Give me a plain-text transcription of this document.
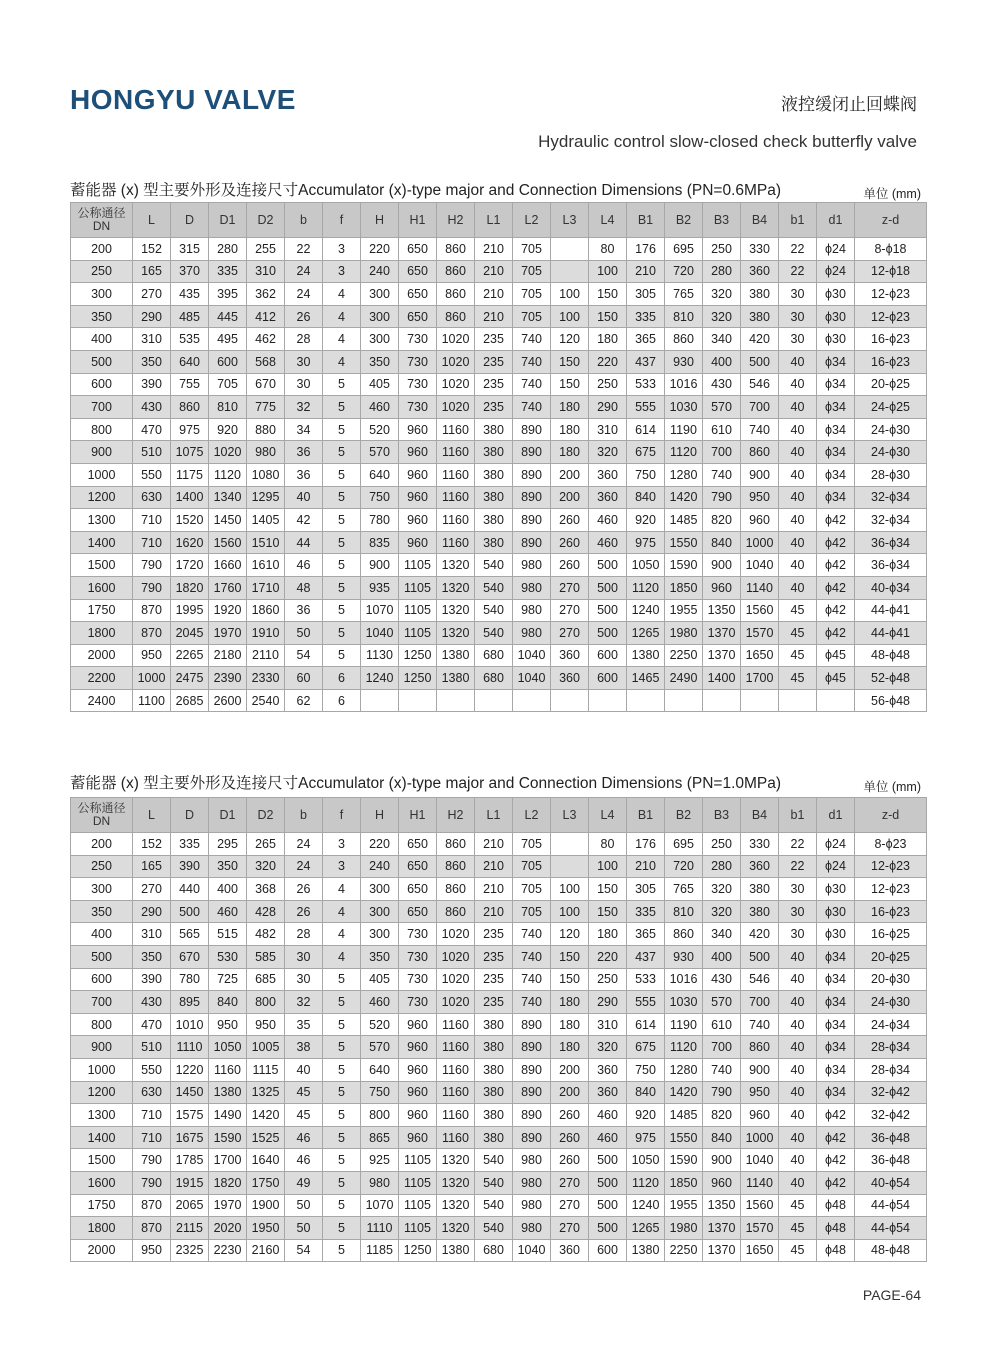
HONGYU VALVE	液控缓闭止回蝶阀
Hydraulic control slow-closed check butterfly valve
蓄能器 (x) 型主要外形及连接尺寸Accumulator (x)-type major and Connection Dimensions (PN=0.6MPa)	单位 (mm)
公称通径 DN	L	D	D1	D2	b	f	H	H1	H2	L1	L2	L3	L4	B1	B2	B3	B4	b1	d1	z-d
200	152	315	280	255	22	3	220	650	860	210	705		80	176	695	250	330	22	ϕ24	8-ϕ18
250	165	370	335	310	24	3	240	650	860	210	705		100	210	720	280	360	22	ϕ24	12-ϕ18
300	270	435	395	362	24	4	300	650	860	210	705	100	150	305	765	320	380	30	ϕ30	12-ϕ23
350	290	485	445	412	26	4	300	650	860	210	705	100	150	335	810	320	380	30	ϕ30	12-ϕ23
400	310	535	495	462	28	4	300	730	1020	235	740	120	180	365	860	340	420	30	ϕ30	16-ϕ23
500	350	640	600	568	30	4	350	730	1020	235	740	150	220	437	930	400	500	40	ϕ34	16-ϕ23
600	390	755	705	670	30	5	405	730	1020	235	740	150	250	533	1016	430	546	40	ϕ34	20-ϕ25
700	430	860	810	775	32	5	460	730	1020	235	740	180	290	555	1030	570	700	40	ϕ34	24-ϕ25
800	470	975	920	880	34	5	520	960	1160	380	890	180	310	614	1190	610	740	40	ϕ34	24-ϕ30
900	510	1075	1020	980	36	5	570	960	1160	380	890	180	320	675	1120	700	860	40	ϕ34	24-ϕ30
1000	550	1175	1120	1080	36	5	640	960	1160	380	890	200	360	750	1280	740	900	40	ϕ34	28-ϕ30
1200	630	1400	1340	1295	40	5	750	960	1160	380	890	200	360	840	1420	790	950	40	ϕ34	32-ϕ34
1300	710	1520	1450	1405	42	5	780	960	1160	380	890	260	460	920	1485	820	960	40	ϕ42	32-ϕ34
1400	710	1620	1560	1510	44	5	835	960	1160	380	890	260	460	975	1550	840	1000	40	ϕ42	36-ϕ34
1500	790	1720	1660	1610	46	5	900	1105	1320	540	980	260	500	1050	1590	900	1040	40	ϕ42	36-ϕ34
1600	790	1820	1760	1710	48	5	935	1105	1320	540	980	270	500	1120	1850	960	1140	40	ϕ42	40-ϕ34
1750	870	1995	1920	1860	36	5	1070	1105	1320	540	980	270	500	1240	1955	1350	1560	45	ϕ42	44-ϕ41
1800	870	2045	1970	1910	50	5	1040	1105	1320	540	980	270	500	1265	1980	1370	1570	45	ϕ42	44-ϕ41
2000	950	2265	2180	2110	54	5	1130	1250	1380	680	1040	360	600	1380	2250	1370	1650	45	ϕ45	48-ϕ48
2200	1000	2475	2390	2330	60	6	1240	1250	1380	680	1040	360	600	1465	2490	1400	1700	45	ϕ45	52-ϕ48
2400	1100	2685	2600	2540	62	6														56-ϕ48
蓄能器 (x) 型主要外形及连接尺寸Accumulator (x)-type major and Connection Dimensions (PN=1.0MPa)	单位 (mm)
公称通径 DN	L	D	D1	D2	b	f	H	H1	H2	L1	L2	L3	L4	B1	B2	B3	B4	b1	d1	z-d
200	152	335	295	265	24	3	220	650	860	210	705		80	176	695	250	330	22	ϕ24	8-ϕ23
250	165	390	350	320	24	3	240	650	860	210	705		100	210	720	280	360	22	ϕ24	12-ϕ23
300	270	440	400	368	26	4	300	650	860	210	705	100	150	305	765	320	380	30	ϕ30	12-ϕ23
350	290	500	460	428	26	4	300	650	860	210	705	100	150	335	810	320	380	30	ϕ30	16-ϕ23
400	310	565	515	482	28	4	300	730	1020	235	740	120	180	365	860	340	420	30	ϕ30	16-ϕ25
500	350	670	530	585	30	4	350	730	1020	235	740	150	220	437	930	400	500	40	ϕ34	20-ϕ25
600	390	780	725	685	30	5	405	730	1020	235	740	150	250	533	1016	430	546	40	ϕ34	20-ϕ30
700	430	895	840	800	32	5	460	730	1020	235	740	180	290	555	1030	570	700	40	ϕ34	24-ϕ30
800	470	1010	950	950	35	5	520	960	1160	380	890	180	310	614	1190	610	740	40	ϕ34	24-ϕ34
900	510	1110	1050	1005	38	5	570	960	1160	380	890	180	320	675	1120	700	860	40	ϕ34	28-ϕ34
1000	550	1220	1160	1115	40	5	640	960	1160	380	890	200	360	750	1280	740	900	40	ϕ34	28-ϕ34
1200	630	1450	1380	1325	45	5	750	960	1160	380	890	200	360	840	1420	790	950	40	ϕ34	32-ϕ42
1300	710	1575	1490	1420	45	5	800	960	1160	380	890	260	460	920	1485	820	960	40	ϕ42	32-ϕ42
1400	710	1675	1590	1525	46	5	865	960	1160	380	890	260	460	975	1550	840	1000	40	ϕ42	36-ϕ48
1500	790	1785	1700	1640	46	5	925	1105	1320	540	980	260	500	1050	1590	900	1040	40	ϕ42	36-ϕ48
1600	790	1915	1820	1750	49	5	980	1105	1320	540	980	270	500	1120	1850	960	1140	40	ϕ42	40-ϕ54
1750	870	2065	1970	1900	50	5	1070	1105	1320	540	980	270	500	1240	1955	1350	1560	45	ϕ48	44-ϕ54
1800	870	2115	2020	1950	50	5	1110	1105	1320	540	980	270	500	1265	1980	1370	1570	45	ϕ48	44-ϕ54
2000	950	2325	2230	2160	54	5	1185	1250	1380	680	1040	360	600	1380	2250	1370	1650	45	ϕ48	48-ϕ48
PAGE-64
